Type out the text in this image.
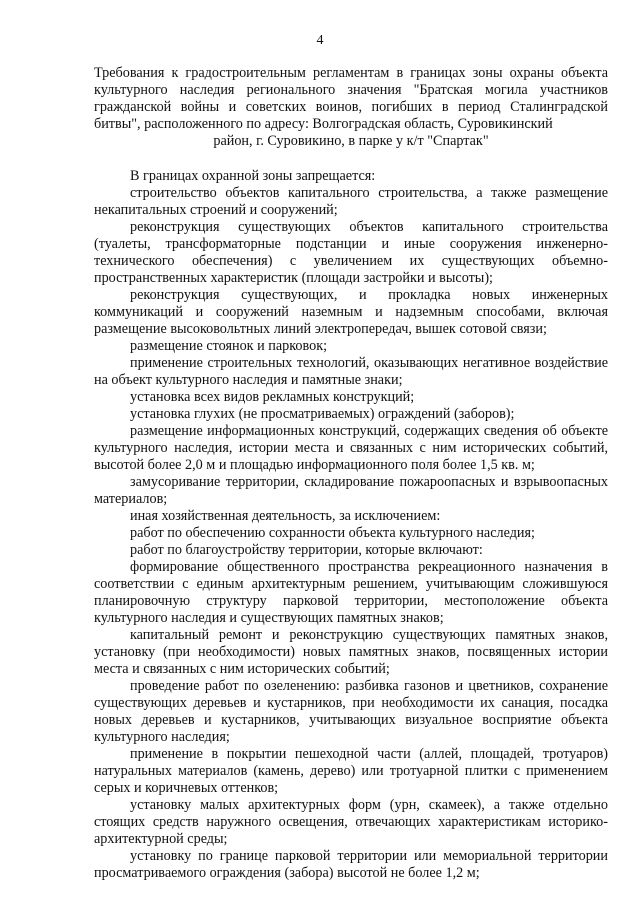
4
Требования к градостроительным регламентам в границах зоны охраны объекта культурного наследия регионального значения "Братская могила участников гражданской войны и советских воинов, погибших в период Сталинградской битвы", расположенного по адресу: Волгоградская область, Суровикинский
район, г. Суровикино, в парке у к/т "Спартак"

В границах охранной зоны запрещается:

строительство объектов капитального строительства, а также размещение некапитальных строений и сооружений;

реконструкция существующих объектов капитального строительства (туалеты, трансформаторные подстанции и иные сооружения инженерно-технического обеспечения) с увеличением их существующих объемно-пространственных характеристик (площади застройки и высоты);

реконструкция существующих, и прокладка новых инженерных коммуникаций и сооружений наземным и надземным способами, включая размещение высоковольтных линий электропередач, вышек сотовой связи;

размещение стоянок и парковок;

применение строительных технологий, оказывающих негативное воздействие на объект культурного наследия и памятные знаки;

установка всех видов рекламных конструкций;

установка глухих (не просматриваемых) ограждений (заборов);

размещение информационных конструкций, содержащих сведения об объекте культурного наследия, истории места и связанных с ним исторических событий, высотой более 2,0 м и площадью информационного поля более 1,5 кв. м;

замусоривание территории, складирование пожароопасных и взрывоопасных материалов;

иная хозяйственная деятельность, за исключением:

работ по обеспечению сохранности объекта культурного наследия;

работ по благоустройству территории, которые включают:

формирование общественного пространства рекреационного назначения в соответствии с единым архитектурным решением, учитывающим сложившуюся планировочную структуру парковой территории, местоположение объекта культурного наследия и существующих памятных знаков;

капитальный ремонт и реконструкцию существующих памятных знаков, установку (при необходимости) новых памятных знаков, посвященных истории места и связанных с ним исторических событий;

проведение работ по озеленению: разбивка газонов и цветников, сохранение существующих деревьев и кустарников, при необходимости их санация, посадка новых деревьев и кустарников, учитывающих визуальное восприятие объекта культурного наследия;

применение в покрытии пешеходной части (аллей, площадей, тротуаров) натуральных материалов (камень, дерево) или тротуарной плитки с применением серых и коричневых оттенков;

установку малых архитектурных форм (урн, скамеек), а также отдельно стоящих средств наружного освещения, отвечающих характеристикам историко-архитектурной среды;

установку по границе парковой территории или мемориальной территории просматриваемого ограждения (забора) высотой не более 1,2 м;
